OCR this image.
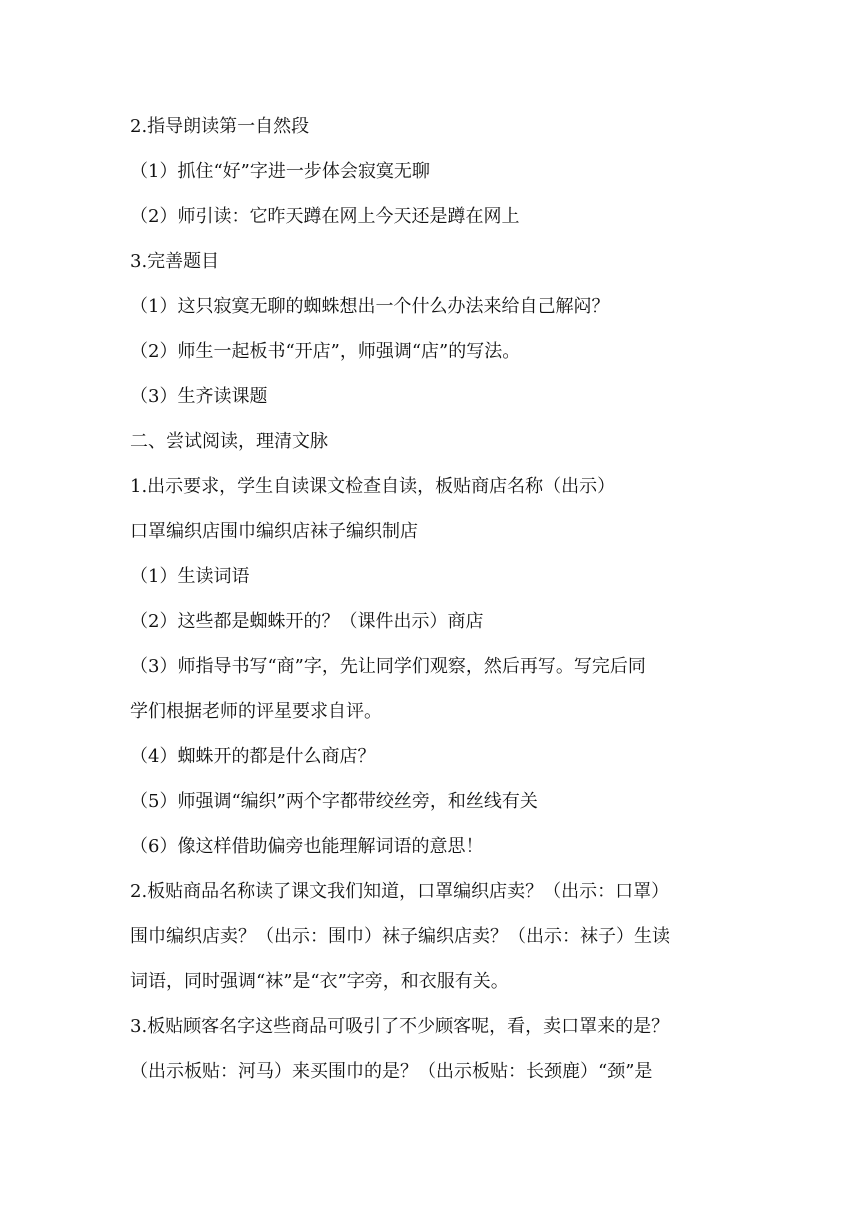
2.指导朗读第一自然段
（1）抓住“好”字进一步体会寂寞无聊
（2）师引读：它昨天蹲在网上今天还是蹲在网上
3.完善题目
（1）这只寂寞无聊的蜘蛛想出一个什么办法来给自己解闷？
（2）师生一起板书“开店”，师强调“店”的写法。
（3）生齐读课题
二、尝试阅读，理清文脉
1.出示要求，学生自读课文检查自读，板贴商店名称（出示）
口罩编织店围巾编织店袜子编织制店
（1）生读词语
（2）这些都是蜘蛛开的？（课件出示）商店
（3）师指导书写“商”字，先让同学们观察，然后再写。写完后同
学们根据老师的评星要求自评。
（4）蜘蛛开的都是什么商店？
（5）师强调“编织”两个字都带绞丝旁，和丝线有关
（6）像这样借助偏旁也能理解词语的意思！
2.板贴商品名称读了课文我们知道，口罩编织店卖？（出示：口罩）
围巾编织店卖？（出示：围巾）袜子编织店卖？（出示：袜子）生读
词语，同时强调“袜”是“衣”字旁，和衣服有关。
3.板贴顾客名字这些商品可吸引了不少顾客呢，看，卖口罩来的是？
（出示板贴：河马）来买围巾的是？（出示板贴：长颈鹿）“颈”是
